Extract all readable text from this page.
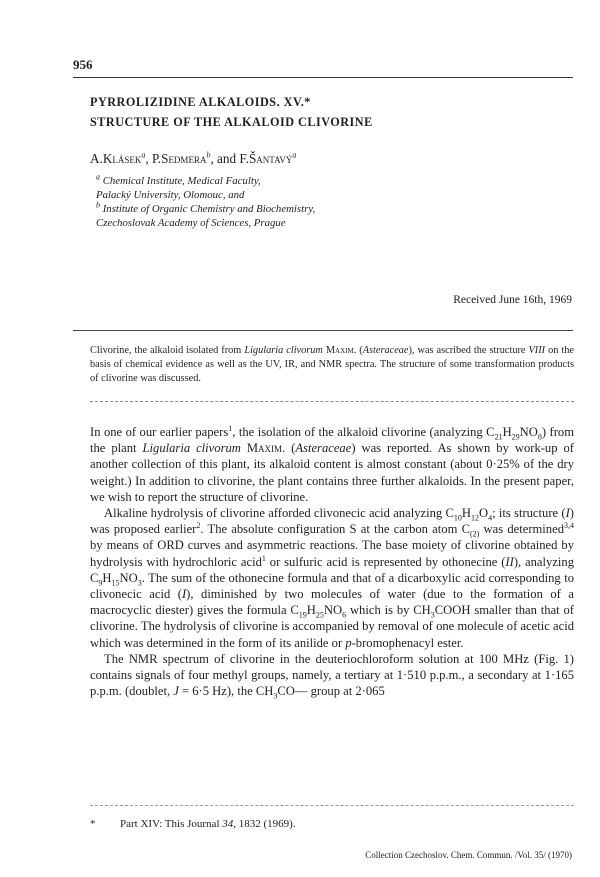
956
PYRROLIZIDINE ALKALOIDS. XV.*
STRUCTURE OF THE ALKALOID CLIVORINE
A.Klásek$^a$, P.Sedmera$^b$, and F.Šantavý$^a$
$^a$ Chemical Institute, Medical Faculty,
Palacký University, Olomouc, and
$^b$ Institute of Organic Chemistry and Biochemistry,
Czechoslovak Academy of Sciences, Prague
Received June 16th, 1969
Clivorine, the alkaloid isolated from Ligularia clivorum Maxim. (Asteraceae), was ascribed the structure VIII on the basis of chemical evidence as well as the UV, IR, and NMR spectra. The structure of some transformation products of clivorine was discussed.

In one of our earlier papers$^1$, the isolation of the alkaloid clivorine (analyzing $C_{21}H_{29}NO_8$) from the plant Ligularia clivorum Maxim. (Asteraceae) was reported. As shown by work-up of another collection of this plant, its alkaloid content is almost constant (about 0·25% of the dry weight.) In addition to clivorine, the plant contains three further alkaloids. In the present paper, we wish to report the structure of clivorine.

Alkaline hydrolysis of clivorine afforded clivonecic acid analyzing $C_{10}H_{12}O_4$; its structure (I) was proposed earlier$^2$. The absolute configuration S at the carbon atom $C_{(2)}$ was determined$^{3,4}$ by means of ORD curves and asymmetric reactions. The base moiety of clivorine obtained by hydrolysis with hydrochloric acid$^1$ or sulfuric acid is represented by othonecine (II), analyzing $C_9H_{15}NO_3$. The sum of the othonecine formula and that of a dicarboxylic acid corresponding to clivonecic acid (I), diminished by two molecules of water (due to the formation of a macrocyclic diester) gives the formula $C_{19}H_{25}NO_6$ which is by $CH_3COOH$ smaller than that of clivorine. The hydrolysis of clivorine is accompanied by removal of one molecule of acetic acid which was determined in the form of its anilide or p-bromophenacyl ester.

The NMR spectrum of clivorine in the deuteriochloroform solution at 100 MHz (Fig. 1) contains signals of four methyl groups, namely, a tertiary at 1·510 p.p.m., a secondary at 1·165 p.p.m. (doublet, J = 6·5 Hz), the $CH_3CO—$ group at 2·065

* Part XIV: This Journal 34, 1832 (1969).
Collection Czechoslov. Chem. Commun. /Vol. 35/ (1970)
